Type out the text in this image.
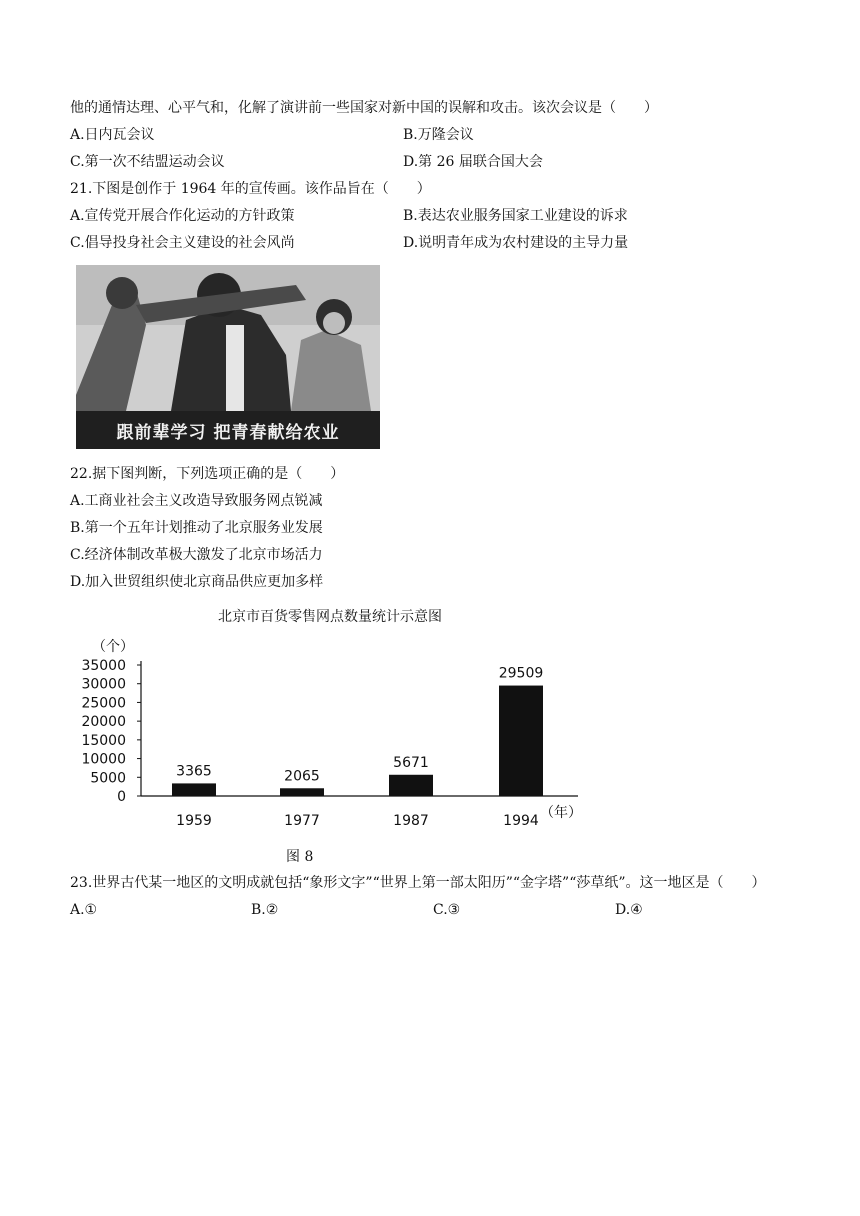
他的通情达理、心平气和，化解了演讲前一些国家对新中国的误解和攻击。该次会议是（　　）
A.日内瓦会议	B.万隆会议
C.第一次不结盟运动会议	D.第 26 届联合国大会
21.下图是创作于 1964 年的宣传画。该作品旨在（　　）
A.宣传党开展合作化运动的方针政策	B.表达农业服务国家工业建设的诉求
C.倡导投身社会主义建设的社会风尚	D.说明青年成为农村建设的主导力量
跟前辈学习 把青春献给农业
22.据下图判断，下列选项正确的是（　　）
A.工商业社会主义改造导致服务网点锐减
B.第一个五年计划推动了北京服务业发展
C.经济体制改革极大激发了北京市场活力
D.加入世贸组织使北京商品供应更加多样
北京市百货零售网点数量统计示意图
（个）
35000
30000
25000
20000
15000
10000
5000
0
3365
1959
2065
1977
5671
1987
29509
1994 （年）
图 8
23.世界古代某一地区的文明成就包括“象形文字”“世界上第一部太阳历”“金字塔”“莎草纸”。这一地区是（　　）
A.①	B.②	C.③	D.④
